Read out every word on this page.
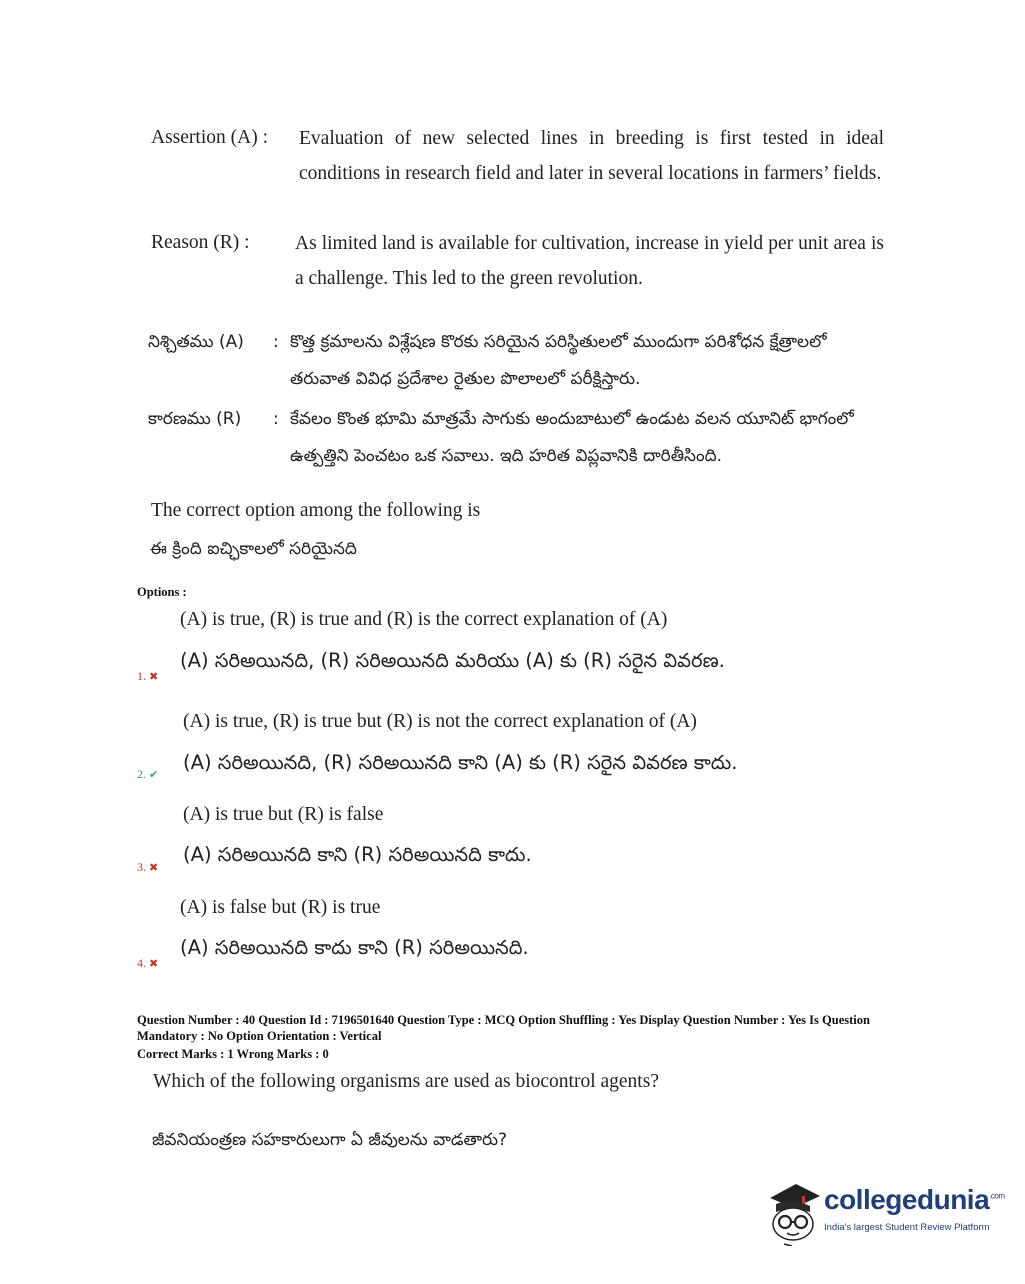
Assertion (A) : Evaluation of new selected lines in breeding is first tested in ideal conditions in research field and later in several locations in farmers’ fields.
Reason (R) : As limited land is available for cultivation, increase in yield per unit area is a challenge. This led to the green revolution.
నిశ్చితము (A) : కొత్త క్రమాలను విశ్లేషణ కొరకు సరియైన పరిస్థితులలో ముందుగా పరిశోధన క్షేత్రాలలో
తరువాత వివిధ ప్రదేశాల రైతుల పొలాలలో పరీక్షిస్తారు.
కారణము (R) : కేవలం కొంత భూమి మాత్రమే సాగుకు అందుబాటులో ఉండుట వలన యూనిట్ భాగంలో
ఉత్పత్తిని పెంచటం ఒక సవాలు. ఇది హరిత విప్లవానికి దారితీసింది.
The correct option among the following is
ఈ క్రింది ఐచ్ఛికాలలో సరియైనది
Options :
(A) is true, (R) is true and (R) is the correct explanation of (A)
(A) సరిఅయినది, (R) సరిఅయినది మరియు (A) కు (R) సరైన వివరణ.
1. ✖
(A) is true, (R) is true but (R) is not the correct explanation of (A)
(A) సరిఅయినది, (R) సరిఅయినది కాని (A) కు (R) సరైన వివరణ కాదు.
2. ✔
(A) is true but (R) is false
(A) సరిఅయినది కాని (R) సరిఅయినది కాదు.
3. ✖
(A) is false but (R) is true
(A) సరిఅయినది కాదు కాని (R) సరిఅయినది.
4. ✖
Question Number : 40 Question Id : 7196501640 Question Type : MCQ Option Shuffling : Yes Display Question Number : Yes Is Question
Mandatory : No Option Orientation : Vertical
Correct Marks : 1 Wrong Marks : 0
Which of the following organisms are used as biocontrol agents?
జీవనియంత్రణ సహకారులుగా ఏ జీవులను వాడతారు?
collegedunia$^{.com}$
India's largest Student Review Platform
